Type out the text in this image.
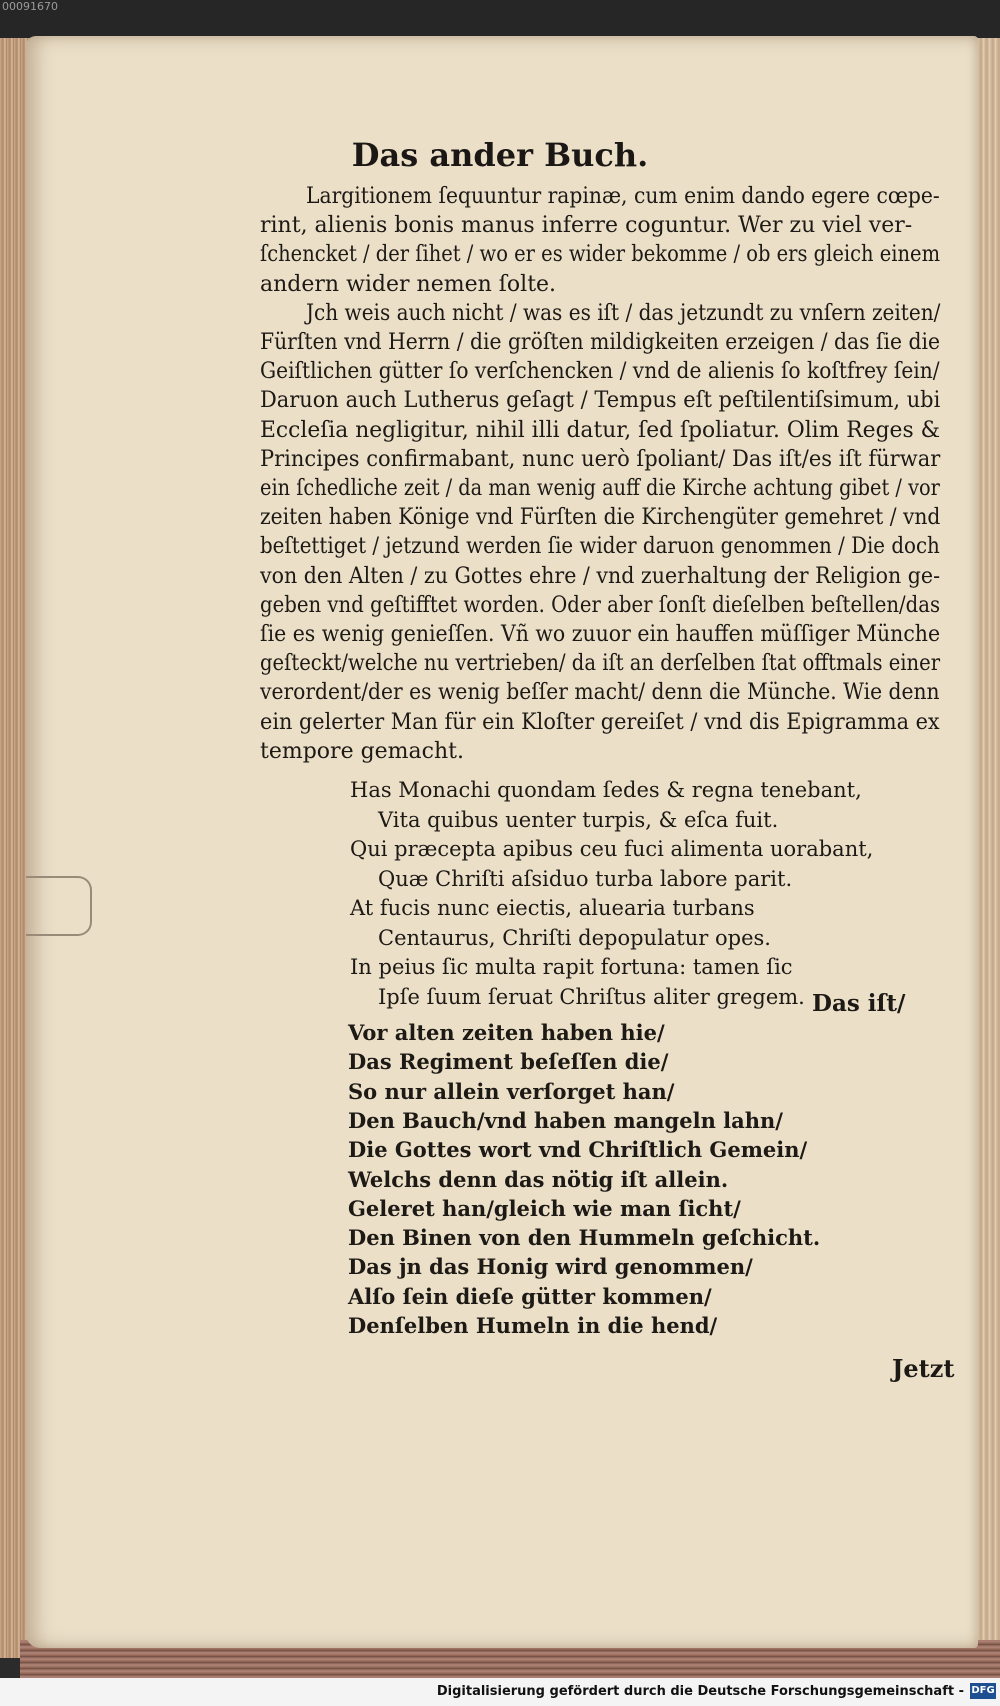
00091670
Das ander Buch.
Largitionem ſequuntur rapinæ, cum enim dando egere cœpe-
rint, alienis bonis manus inferre coguntur. Wer zu viel ver-
ſchencket / der ſihet / wo er es wider bekomme / ob ers gleich einem
andern wider nemen ſolte.
Jch weis auch nicht / was es iſt / das jetzundt zu vnſern zeiten/
Fürſten vnd Herrn / die gröſten mildigkeiten erzeigen / das ſie die
Geiſtlichen gütter ſo verſchencken / vnd de alienis ſo koſtfrey ſein/
Daruon auch Lutherus geſagt / Tempus eſt peſtilentiſsimum, ubi
Eccleſia negligitur, nihil illi datur, ſed ſpoliatur. Olim Reges &
Principes confirmabant, nunc uerò ſpoliant/ Das iſt/es iſt fürwar
ein ſchedliche zeit / da man wenig auff die Kirche achtung gibet / vor
zeiten haben Könige vnd Fürſten die Kirchengüter gemehret / vnd
beſtettiget / jetzund werden ſie wider daruon genommen / Die doch
von den Alten / zu Gottes ehre / vnd zuerhaltung der Religion ge-
geben vnd geſtifftet worden. Oder aber ſonſt dieſelben beſtellen/das
ſie es wenig genieſſen. Vñ wo zuuor ein hauffen müſſiger Münche
geſteckt/welche nu vertrieben/ da iſt an derſelben ſtat offtmals einer
verordent/der es wenig beſſer macht/ denn die Münche. Wie denn
ein gelerter Man für ein Kloſter gereiſet / vnd dis Epigramma ex
tempore gemacht.
Has Monachi quondam ſedes & regna tenebant,
Vita quibus uenter turpis, & eſca fuit.
Qui præcepta apibus ceu fuci alimenta uorabant,
Quæ Chriſti aſsiduo turba labore parit.
At fucis nunc eiectis, aluearia turbans
Centaurus, Chriſti depopulatur opes.
In peius ſic multa rapit fortuna: tamen ſic
Ipſe ſuum ſeruat Chriſtus aliter gregem. Das iſt/
Vor alten zeiten haben hie/
Das Regiment beſeſſen die/
So nur allein verſorget han/
Den Bauch/vnd haben mangeln lahn/
Die Gottes wort vnd Chriſtlich Gemein/
Welchs denn das nötig iſt allein.
Geleret han/gleich wie man ſicht/
Den Binen von den Hummeln geſchicht.
Das jn das Honig wird genommen/
Alſo ſein dieſe gütter kommen/
Denſelben Humeln in die hend/
Jetzt
Digitalisierung gefördert durch die Deutsche Forschungsgemeinschaft - DFG
